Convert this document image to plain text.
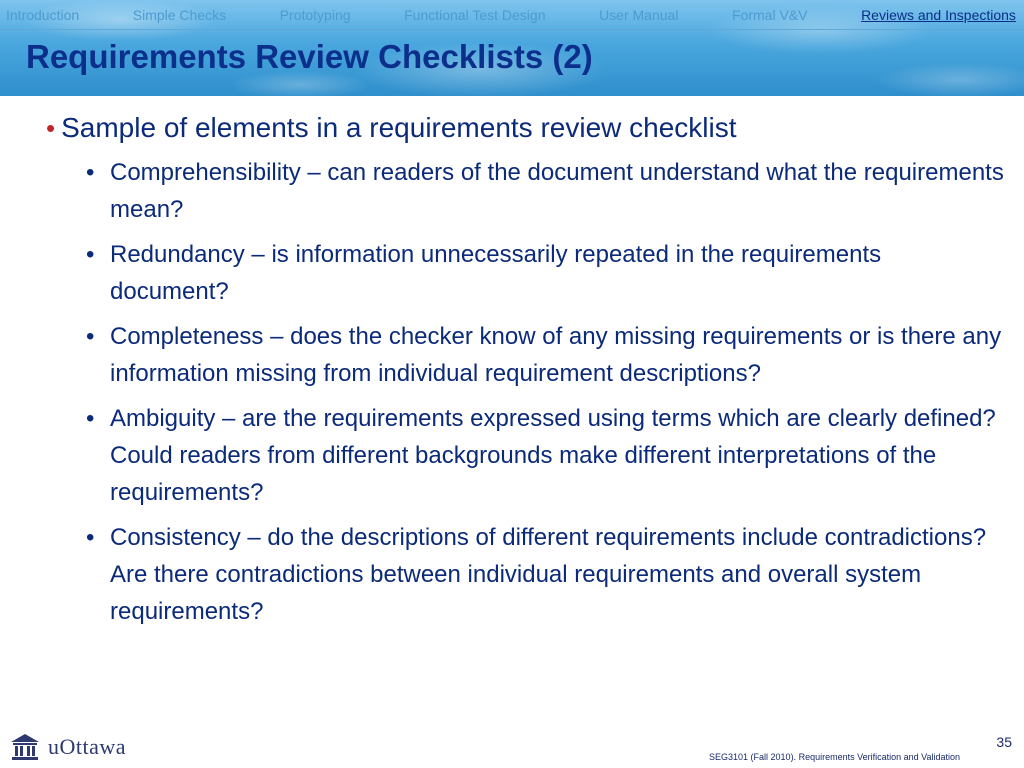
Introduction	Simple Checks	Prototyping	Functional Test Design	User Manual	Formal V&V	Reviews and Inspections
Requirements Review Checklists (2)
• Sample of elements in a requirements review checklist
• Comprehensibility – can readers of the document understand what the requirements mean?
• Redundancy – is information unnecessarily repeated in the requirements document?
• Completeness – does the checker know of any missing requirements or is there any information missing from individual requirement descriptions?
• Ambiguity – are the requirements expressed using terms which are clearly defined? Could readers from different backgrounds make different interpretations of the requirements?
• Consistency – do the descriptions of different requirements include contradictions? Are there contradictions between individual requirements and overall system requirements?
uOttawa	SEG3101 (Fall 2010). Requirements Verification and Validation
35
